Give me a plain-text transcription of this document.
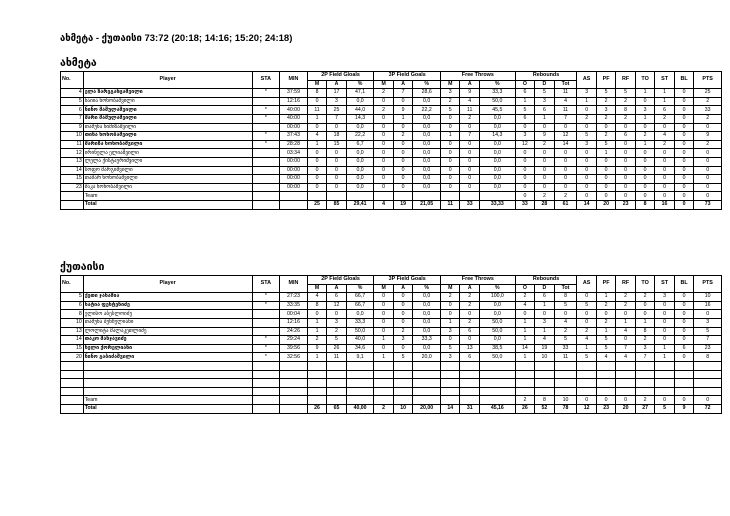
ახმეტა - ქუთაისი 73:72 (20:18; 14:16; 15:20; 24:18)
ახმეტა
No.	Player	STA	MIN	2P Field Gloals			3P Field Goals			Free Throws			Rebounds			AS	PF	RF	TO	ST	BL	PTS
				M	A	%	M	A	%	M	A	%	O	D	Tot							
4	ელა ზარეგანცაშვილი	*	37:59	8	17	47,1	2	7	28,6	3	9	33,3	6	5	11	3	5	5	1	1	0	25
5	ნაიია ხოხობაშვილი		12:16	0	3	0,0	0	0	0,0	2	4	50,0	1	3	4	1	2	2	0	1	0	2
6	ნინო მამულაშვილი	*	40:00	11	25	44,0	2	9	22,2	5	11	45,5	5	6	11	0	3	8	3	6	0	33
7	მარი მამულაშვილი	*	40:00	1	7	14,3	0	1	0,0	0	2	0,0	6	1	7	2	2	2	1	2	0	2
9	თამუნა ხიმიზაშვილი		00:00	0	0	0,0	0	0	0,0	0	0	0,0	0	0	0	0	0	0	0	0	0	0
10	თინა ხოხობაშვილი	*	37:43	4	18	22,2	0	2	0,0	1	7	14,3	3	9	12	5	2	6	2	4	0	9
11	მარიზა ხოხობაშვილი	*	28:28	1	15	6,7	0	0	0,0	0	0	0,0	12	2	14	3	5	0	1	2	0	2
12	ირინელა ელიაშვილი		03:34	0	0	0,0	0	0	0,0	0	0	0,0	0	0	0	0	1	0	0	0	0	0
13	ლელა ქისტაურიშვილი		00:00	0	0	0,0	0	0	0,0	0	0	0,0	0	0	0	0	0	0	0	0	0	0
14	სოფო მარგიშვილი		00:00	0	0	0,0	0	0	0,0	0	0	0,0	0	0	0	0	0	0	0	0	0	0
15	თამარ ხოხობაშვილი		00:00	0	0	0,0	0	0	0,0	0	0	0,0	0	0	0	0	0	0	0	0	0	0
23	მაკა ხოხობაშვილი		00:00	0	0	0,0	0	0	0,0	0	0	0,0	0	0	0	0	0	0	0	0	0	0
	Team												0	2	2	0	0	0	0	0	0	0
	Total			25	85	29,41	4	19	21,05	11	33	33,33	33	28	61	14	20	23	8	16	0	73
ქუთაისი
No.	Player	STA	MIN	2P Field Gloals			3P Field Goals			Free Throws			Rebounds			AS	PF	RF	TO	ST	BL	PTS
				M	A	%	M	A	%	M	A	%	O	D	Tot							
5	ქეთი ჯანაშია	*	27:23	4	6	66,7	0	0	0,0	2	2	100,0	2	6	8	0	1	2	2	3	0	10
6	ხატია ფეხტენიძე	*	33:35	8	12	66,7	0	0	0,0	0	2	0,0	4	1	5	5	2	2	0	0	0	16
8	ელისო აბესლოიძე		00:04	0	0	0,0	0	0	0,0	0	0	0,0	0	0	0	0	0	0	0	0	0	0
10	თამუნა ბუნჩულიანი		12:16	1	3	33,3	0	0	0,0	1	2	50,0	1	3	4	0	2	1	1	0	0	3
13	ლოლიტა მალაკეთლიძე		24:26	1	2	50,0	0	2	0,0	3	6	50,0	1	1	2	2	1	4	8	0	0	5
14	თაკო მანჯავიძე	*	29:24	2	5	40,0	1	3	33,3	0	0	0,0	1	4	5	4	5	0	2	0	0	7
15	ნელი ქორელიანი	*	39:56	9	26	34,6	0	0	0,0	5	13	38,5	14	19	33	1	5	7	3	1	6	23
20	ნინო გაბიძაშვილი	*	32:56	1	11	9,1	1	5	20,0	3	6	50,0	1	10	11	5	4	4	7	1	0	8

	Team												2	8	10	0	0	0	2	0	0	0
	Total			26	65	40,00	2	10	20,00	14	31	45,16	26	52	78	12	23	20	27	5	9	72
